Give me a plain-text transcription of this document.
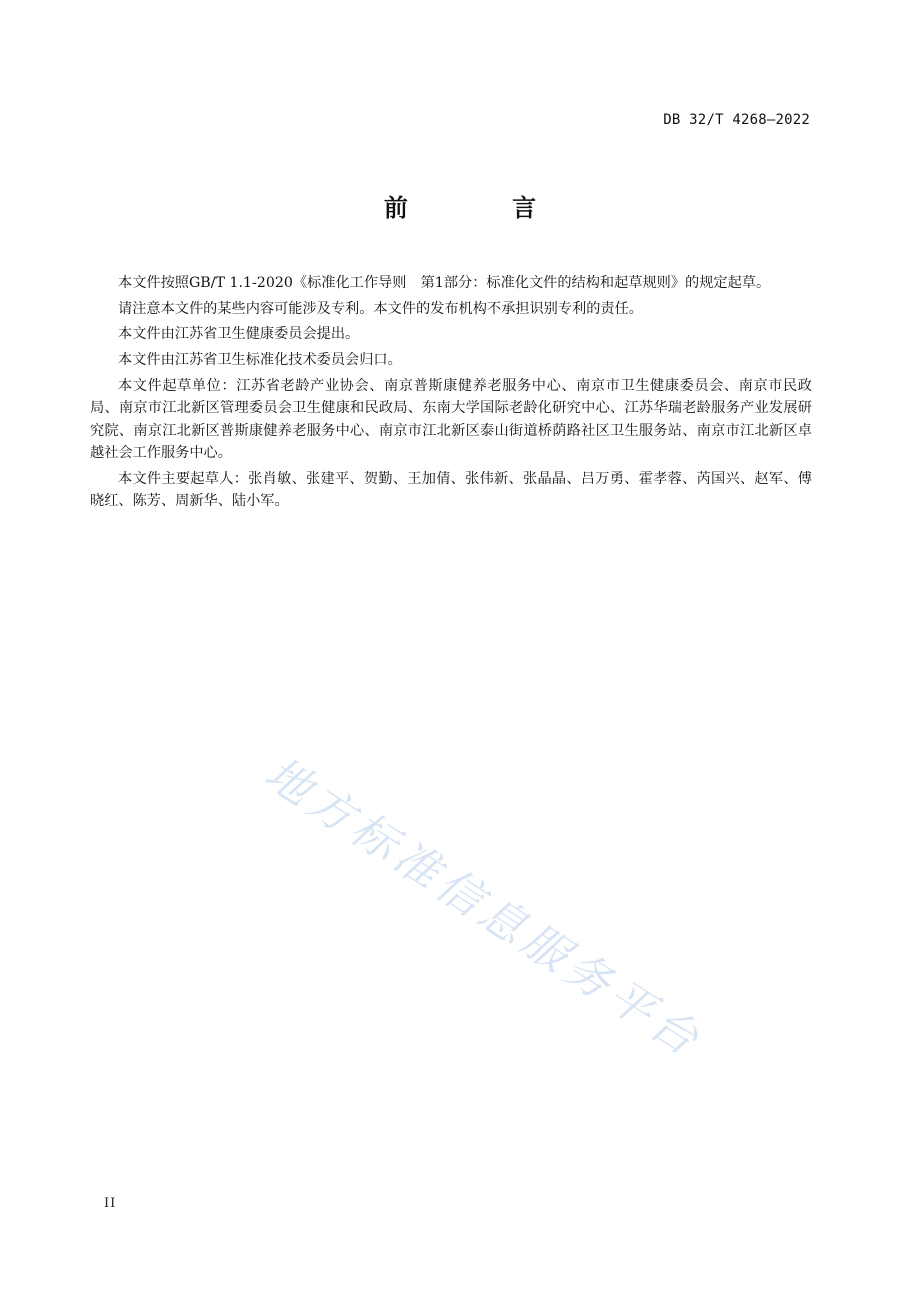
DB 32/T 4268—2022
前 言

本文件按照GB/T 1.1-2020《标准化工作导则　第1部分：标准化文件的结构和起草规则》的规定起草。

请注意本文件的某些内容可能涉及专利。本文件的发布机构不承担识别专利的责任。

本文件由江苏省卫生健康委员会提出。

本文件由江苏省卫生标准化技术委员会归口。

本文件起草单位：江苏省老龄产业协会、南京普斯康健养老服务中心、南京市卫生健康委员会、南京市民政局、南京市江北新区管理委员会卫生健康和民政局、东南大学国际老龄化研究中心、江苏华瑞老龄服务产业发展研究院、南京江北新区普斯康健养老服务中心、南京市江北新区泰山街道桥荫路社区卫生服务站、南京市江北新区卓越社会工作服务中心。

本文件主要起草人：张肖敏、张建平、贺勤、王加倩、张伟新、张晶晶、吕万勇、霍孝蓉、芮国兴、赵军、傅晓红、陈芳、周新华、陆小军。

地方标准信息服务平台
II
